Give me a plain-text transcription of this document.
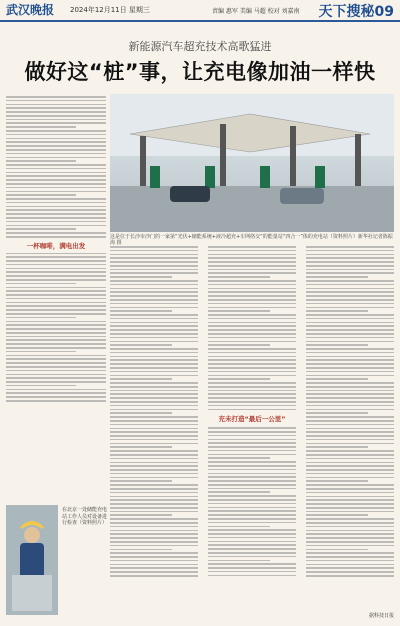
武汉晚报 2024年12月11日 星期三	责编 惠军 美编 马超 校对 刘嘉南 天下搜秘09
新能源汽车超充技术高歌猛进
做好这“桩”事，让充电像加油一样快
一杯咖啡，满电出发
这是位于长沙市沙门的一家第“光伏+储能系统+液冷超充+车网络交”的能量站“四合一”体的充电站（资料照片）新华社记者陈振海 摄
充未打造“最后一公里”
在北京一处储能充电站工作人员对设备进行检查（资料照片）
据科技日报
